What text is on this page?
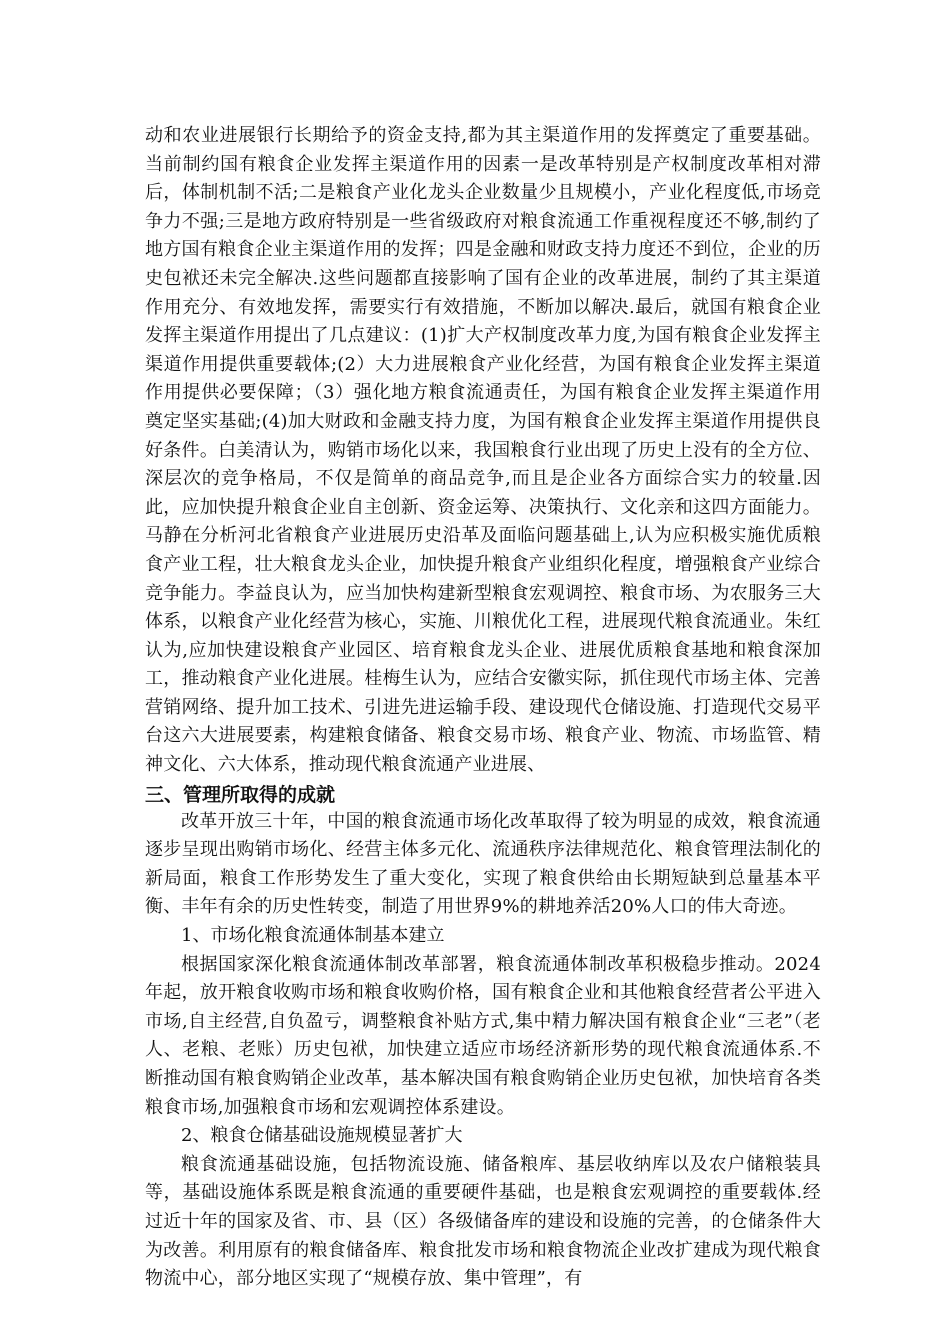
动和农业进展银行长期给予的资金支持,都为其主渠道作用的发挥奠定了重要基础。当前制约国有粮食企业发挥主渠道作用的因素一是改革特别是产权制度改革相对滞后，体制机制不活;二是粮食产业化龙头企业数量少且规模小，产业化程度低,市场竞争力不强;三是地方政府特别是一些省级政府对粮食流通工作重视程度还不够,制约了地方国有粮食企业主渠道作用的发挥；四是金融和财政支持力度还不到位，企业的历史包袱还未完全解决.这些问题都直接影响了国有企业的改革进展，制约了其主渠道作用充分、有效地发挥，需要实行有效措施，不断加以解决.最后，就国有粮食企业发挥主渠道作用提出了几点建议：(1)扩大产权制度改革力度,为国有粮食企业发挥主渠道作用提供重要载体;(2）大力进展粮食产业化经营，为国有粮食企业发挥主渠道作用提供必要保障；（3）强化地方粮食流通责任，为国有粮食企业发挥主渠道作用奠定坚实基础;(4)加大财政和金融支持力度，为国有粮食企业发挥主渠道作用提供良好条件。白美清认为，购销市场化以来，我国粮食行业出现了历史上没有的全方位、深层次的竞争格局，不仅是简单的商品竞争,而且是企业各方面综合实力的较量.因此，应加快提升粮食企业自主创新、资金运筹、决策执行、文化亲和这四方面能力。马静在分析河北省粮食产业进展历史沿革及面临问题基础上,认为应积极实施优质粮食产业工程，壮大粮食龙头企业，加快提升粮食产业组织化程度，增强粮食产业综合竞争能力。李益良认为，应当加快构建新型粮食宏观调控、粮食市场、为农服务三大体系，以粮食产业化经营为核心，实施、川粮优化工程，进展现代粮食流通业。朱红认为,应加快建设粮食产业园区、培育粮食龙头企业、进展优质粮食基地和粮食深加工，推动粮食产业化进展。桂梅生认为，应结合安徽实际，抓住现代市场主体、完善营销网络、提升加工技术、引进先进运输手段、建设现代仓储设施、打造现代交易平台这六大进展要素，构建粮食储备、粮食交易市场、粮食产业、物流、市场监管、精神文化、六大体系，推动现代粮食流通产业进展、

三、管理所取得的成就

改革开放三十年，中国的粮食流通市场化改革取得了较为明显的成效，粮食流通逐步呈现出购销市场化、经营主体多元化、流通秩序法律规范化、粮食管理法制化的新局面，粮食工作形势发生了重大变化，实现了粮食供给由长期短缺到总量基本平衡、丰年有余的历史性转变，制造了用世界9%的耕地养活20%人口的伟大奇迹。

1、市场化粮食流通体制基本建立

根据国家深化粮食流通体制改革部署，粮食流通体制改革积极稳步推动。2024年起，放开粮食收购市场和粮食收购价格，国有粮食企业和其他粮食经营者公平进入市场,自主经营,自负盈亏，调整粮食补贴方式,集中精力解决国有粮食企业“三老”（老人、老粮、老账）历史包袱，加快建立适应市场经济新形势的现代粮食流通体系.不断推动国有粮食购销企业改革，基本解决国有粮食购销企业历史包袱，加快培育各类粮食市场,加强粮食市场和宏观调控体系建设。

2、粮食仓储基础设施规模显著扩大

粮食流通基础设施，包括物流设施、储备粮库、基层收纳库以及农户储粮装具等，基础设施体系既是粮食流通的重要硬件基础，也是粮食宏观调控的重要载体.经过近十年的国家及省、市、县（区）各级储备库的建设和设施的完善，的仓储条件大为改善。利用原有的粮食储备库、粮食批发市场和粮食物流企业改扩建成为现代粮食物流中心，部分地区实现了“规模存放、集中管理”，有
